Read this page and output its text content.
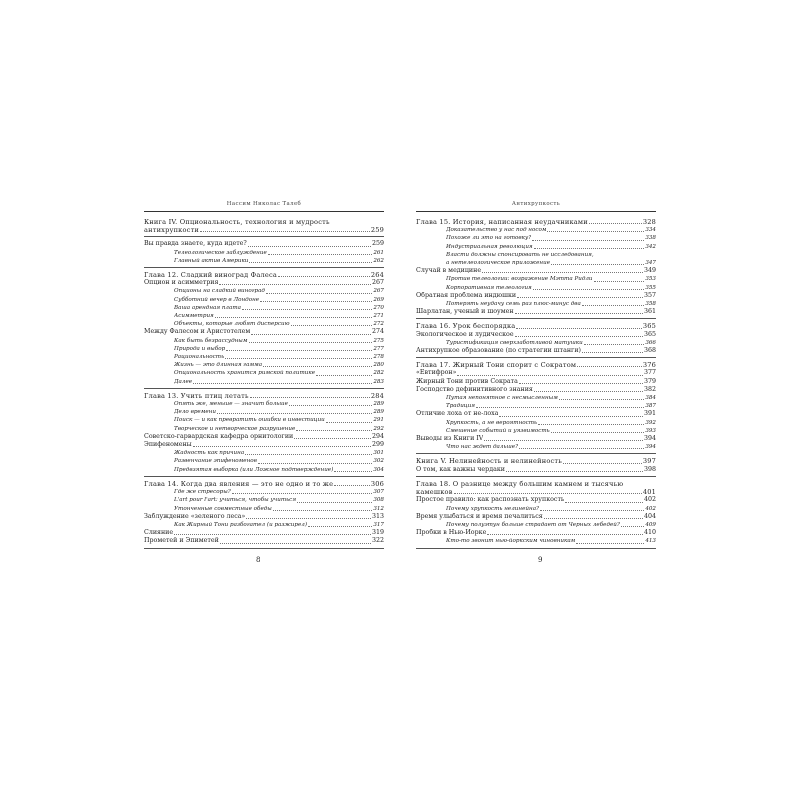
Нассим Николас Талеб
Книга IV. Опциональность, технология и мудрость
антихрупкости	259
Вы правда знаете, куда идете?	259
Телеологическое заблуждение	261
Главный актив Америки	262
Глава 12. Сладкий виноград Фалеса	264
Опцион и асимметрия	267
Опционы на сладкий виноград	267
Субботний вечер в Лондоне	269
Ваша арендная плата	270
Асимметрия	271
Объекты, которые любят дисперсию	272
Между Фалесом и Аристотелем	274
Как быть безрассудным	275
Природа и выбор	277
Рациональность	278
Жизнь — это длинная гамма	280
Опциональность хранится римской политике	282
Далее	283
Глава 13. Учить птиц летать	284
Опять же, меньше — значит больше	289
Дело времени	289
Поиск — и как превратить ошибки в инвестиции	291
Творческое и нетворческое разрушение	292
Советско-гарвардская кафедра орнитологии	294
Эпифеномены	299
Жадность как причина	301
Развенчание эпифеноменов	302
Предвзятая выборка (или Ложное подтверждение)	304
Глава 14. Когда два явления — это не одно и то же	306
Где же стресоры?	307
L'art pour l'art: учиться, чтобы учиться	308
Утонченные совместные обеды	312
Заблуждение «зеленого леса»	313
Как Жирный Тони разбогател (и разжирел)	317
Слияние	319
Прометей и Эпиметей	322
Антихрупкость
Глава 15. История, написанная неудачниками	328
Доказательство у нас под носом	334
Похоже ли это на готовку?	338
Индустриальная революция	342
Власти должны спонсировать не исследования,
а нетелеологическое приложение	347
Случай в медицине	349
Против телеологии: возражение Мэтта Ридли	353
Корпоративная телеология	355
Обратная проблема индюшки	357
Потерять неудачу семь раз плюс-минус два	358
Шарлатан, ученый и шоумен	361
Глава 16. Урок беспорядка	365
Экологическое и лудическое	365
Туристификация сверхзаботливой матушки	366
Антихрупкое образование (по стратегии штанги)	368
Глава 17. Жирный Тони спорит с Сократом	376
«Евтифрон»	377
Жирный Тони против Сократа	379
Господство дефинитивного знания	382
Путая непонятное с несмысленным	384
Традиция	387
Отличие лоха от не-лоха	391
Хрупкость, а не вероятность	392
Смешение событий и уязвимость	393
Выводы из Книги IV	394
Что нас ждет дальше?	394
Книга V. Нелинейность и нелинейность	397
О том, как важны чердаки	398
Глава 18. О разнице между большим камнем и тысячью
камешков	401
Простое правило: как распознать хрупкость	402
Почему хрупкость нелинейна?	402
Время улыбаться и время печалиться	404
Почему полуэтун больше страдает от Черных лебедей?	409
Пробки в Нью-Йорке	410
Кто-то звонит нью-йоркским чиновникам	413
8	9
